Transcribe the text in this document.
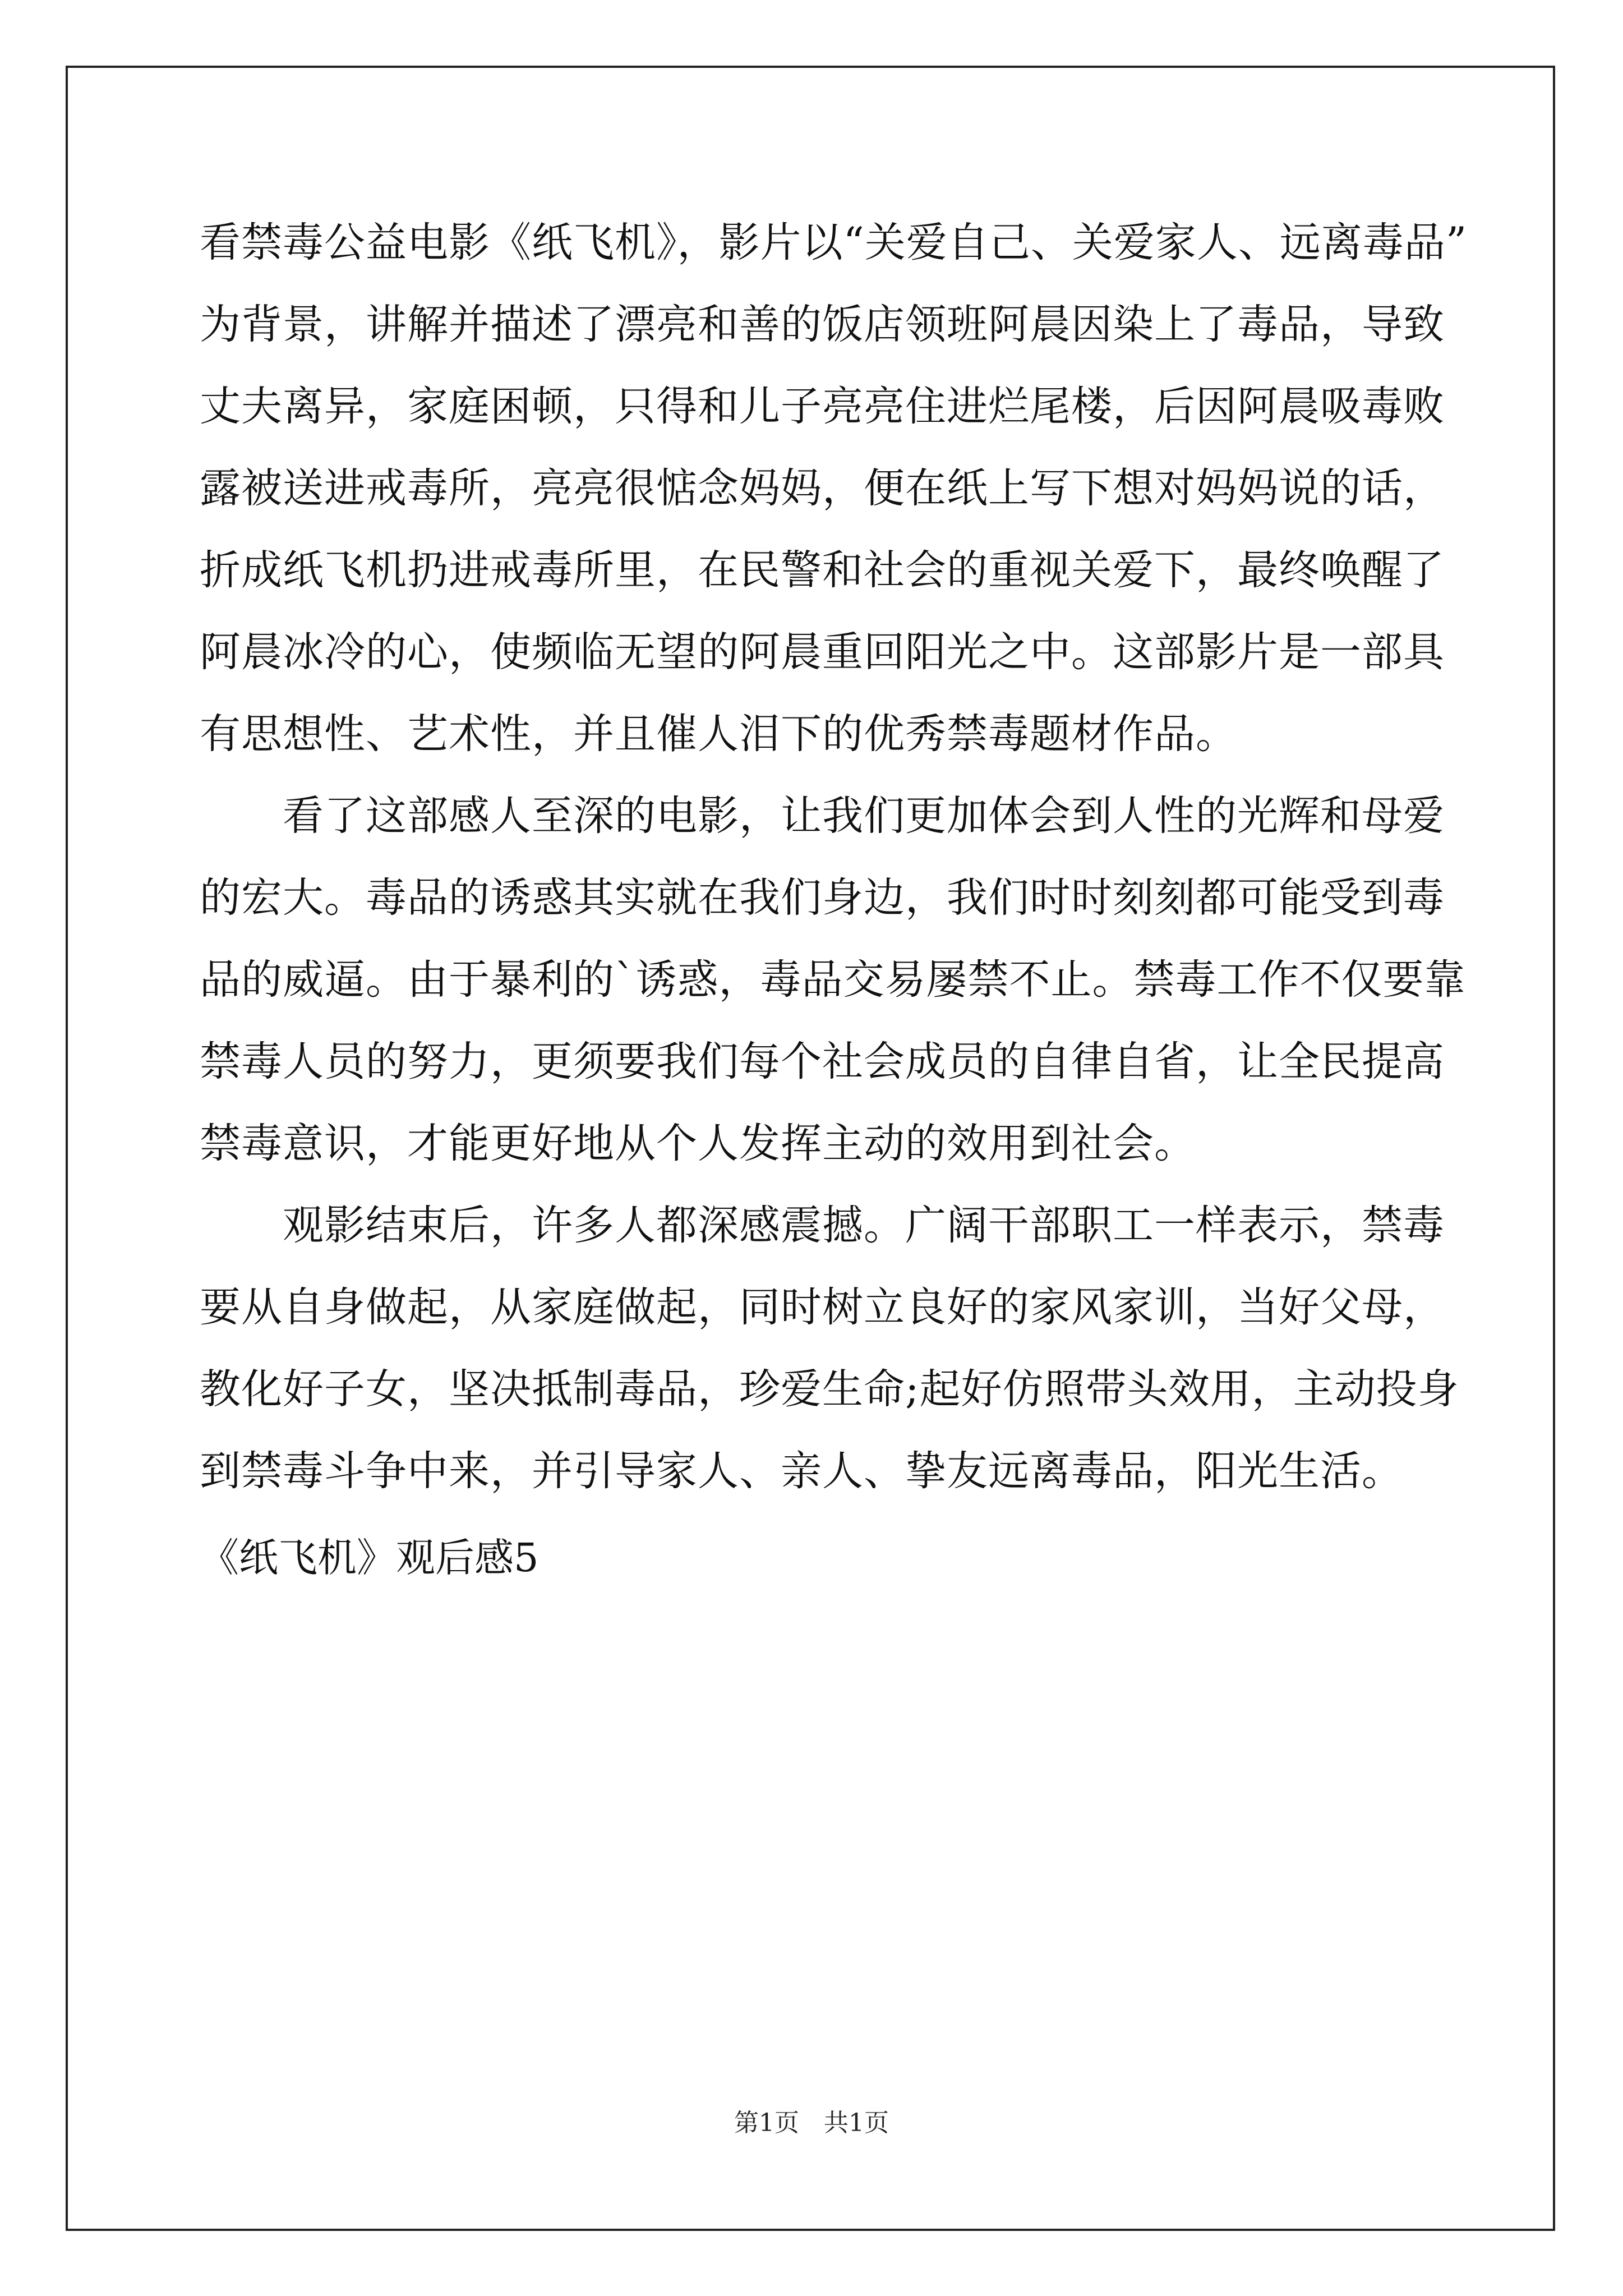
看禁毒公益电影《纸飞机》，影片以“关爱自己、关爱家人、远离毒品”
为背景，讲解并描述了漂亮和善的饭店领班阿晨因染上了毒品，导致
丈夫离异，家庭困顿，只得和儿子亮亮住进烂尾楼，后因阿晨吸毒败
露被送进戒毒所，亮亮很惦念妈妈，便在纸上写下想对妈妈说的话，
折成纸飞机扔进戒毒所里，在民警和社会的重视关爱下，最终唤醒了
阿晨冰冷的心，使频临无望的阿晨重回阳光之中。这部影片是一部具
有思想性、艺术性，并且催人泪下的优秀禁毒题材作品。
看了这部感人至深的电影，让我们更加体会到人性的光辉和母爱
的宏大。毒品的诱惑其实就在我们身边，我们时时刻刻都可能受到毒
品的威逼。由于暴利的`诱惑，毒品交易屡禁不止。禁毒工作不仅要靠
禁毒人员的努力，更须要我们每个社会成员的自律自省，让全民提高
禁毒意识，才能更好地从个人发挥主动的效用到社会。
观影结束后，许多人都深感震撼。广阔干部职工一样表示，禁毒
要从自身做起，从家庭做起，同时树立良好的家风家训，当好父母，
教化好子女，坚决抵制毒品，珍爱生命;起好仿照带头效用，主动投身
到禁毒斗争中来，并引导家人、亲人、挚友远离毒品，阳光生活。
《纸飞机》观后感5
第1页　共1页
